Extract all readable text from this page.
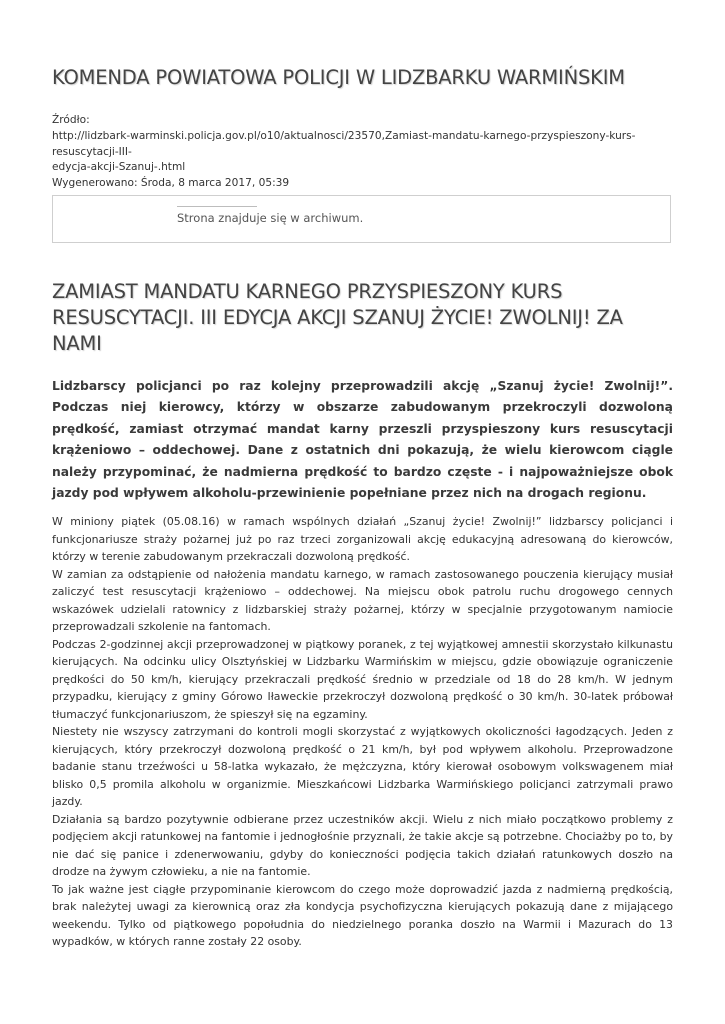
KOMENDA POWIATOWA POLICJI W LIDZBARKU WARMIŃSKIM
Źródło:
http://lidzbark-warminski.policja.gov.pl/o10/aktualnosci/23570,Zamiast-mandatu-karnego-przyspieszony-kurs-resuscytacji-III-
edycja-akcji-Szanuj-.html
Wygenerowano: Środa, 8 marca 2017, 05:39
Strona znajduje się w archiwum.
ZAMIAST MANDATU KARNEGO PRZYSPIESZONY KURS RESUSCYTACJI. III EDYCJA AKCJI SZANUJ ŻYCIE! ZWOLNIJ! ZA NAMI

Lidzbarscy policjanci po raz kolejny przeprowadzili akcję „Szanuj życie! Zwolnij!”. Podczas niej kierowcy, którzy w obszarze zabudowanym przekroczyli dozwoloną prędkość, zamiast otrzymać mandat karny przeszli przyspieszony kurs resuscytacji krążeniowo – oddechowej. Dane z ostatnich dni pokazują, że wielu kierowcom ciągle należy przypominać, że nadmierna prędkość to bardzo częste - i najpoważniejsze obok jazdy pod wpływem alkoholu-przewinienie popełniane przez nich na drogach regionu.

W miniony piątek (05.08.16) w ramach wspólnych działań „Szanuj życie! Zwolnij!” lidzbarscy policjanci i funkcjonariusze straży pożarnej już po raz trzeci zorganizowali akcję edukacyjną adresowaną do kierowców, którzy w terenie zabudowanym przekraczali dozwoloną prędkość.

W zamian za odstąpienie od nałożenia mandatu karnego, w ramach zastosowanego pouczenia kierujący musiał zaliczyć test resuscytacji krążeniowo – oddechowej. Na miejscu obok patrolu ruchu drogowego cennych wskazówek udzielali ratownicy z lidzbarskiej straży pożarnej, którzy w specjalnie przygotowanym namiocie przeprowadzali szkolenie na fantomach.

Podczas 2-godzinnej akcji przeprowadzonej w piątkowy poranek, z tej wyjątkowej amnestii skorzystało kilkunastu kierujących. Na odcinku ulicy Olsztyńskiej w Lidzbarku Warmińskim w miejscu, gdzie obowiązuje ograniczenie prędkości do 50 km/h, kierujący przekraczali prędkość średnio w przedziale od 18 do 28 km/h. W jednym przypadku, kierujący z gminy Górowo Iławeckie przekroczył dozwoloną prędkość o 30 km/h. 30-latek próbował tłumaczyć funkcjonariuszom, że spieszył się na egzaminy.

Niestety nie wszyscy zatrzymani do kontroli mogli skorzystać z wyjątkowych okoliczności łagodzących. Jeden z kierujących, który przekroczył dozwoloną prędkość o 21 km/h, był pod wpływem alkoholu. Przeprowadzone badanie stanu trzeźwości u 58-latka wykazało, że mężczyzna, który kierował osobowym volkswagenem miał blisko 0,5 promila alkoholu w organizmie. Mieszkańcowi Lidzbarka Warmińskiego policjanci zatrzymali prawo jazdy.

Działania są bardzo pozytywnie odbierane przez uczestników akcji. Wielu z nich miało początkowo problemy z podjęciem akcji ratunkowej na fantomie i jednogłośnie przyznali, że takie akcje są potrzebne. Chociażby po to, by nie dać się panice i zdenerwowaniu, gdyby do konieczności podjęcia takich działań ratunkowych doszło na drodze na żywym człowieku, a nie na fantomie.

To jak ważne jest ciągłe przypominanie kierowcom do czego może doprowadzić jazda z nadmierną prędkością, brak należytej uwagi za kierownicą oraz zła kondycja psychofizyczna kierujących pokazują dane z mijającego weekendu. Tylko od piątkowego popołudnia do niedzielnego poranka doszło na Warmii i Mazurach do 13 wypadków, w których ranne zostały 22 osoby.
